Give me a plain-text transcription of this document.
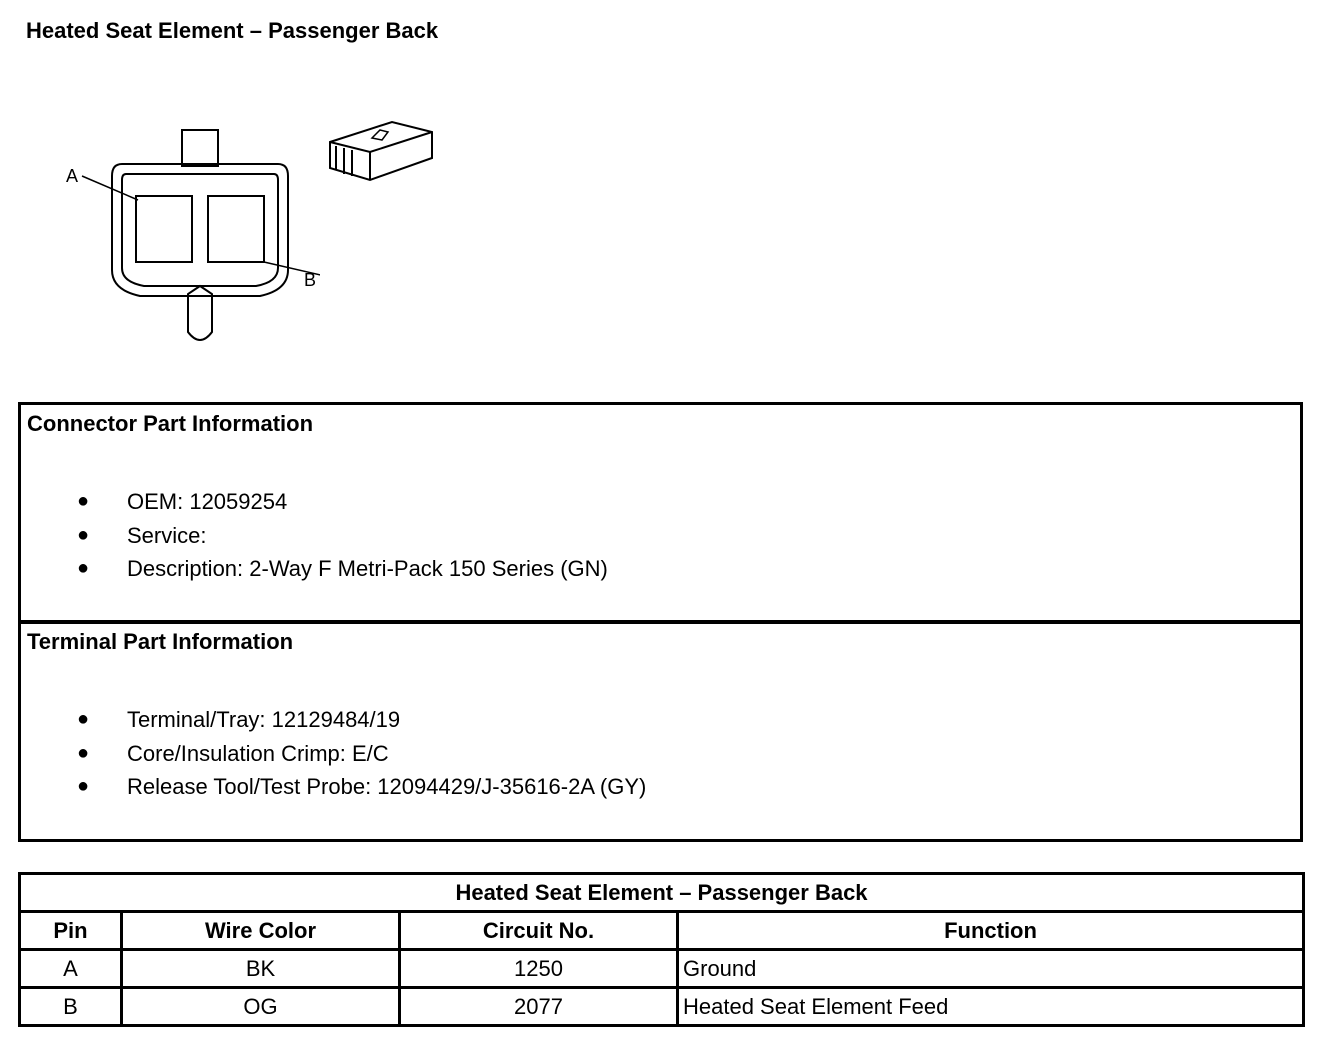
Heated Seat Element – Passenger Back
A
B
Connector Part Information
● OEM: 12059254
● Service:
● Description: 2-Way F Metri-Pack 150 Series (GN)
Terminal Part Information
● Terminal/Tray: 12129484/19
● Core/Insulation Crimp: E/C
● Release Tool/Test Probe: 12094429/J-35616-2A (GY)
Heated Seat Element – Passenger Back			
Pin	Wire Color	Circuit No.	Function
A	BK	1250	Ground
B	OG	2077	Heated Seat Element Feed
